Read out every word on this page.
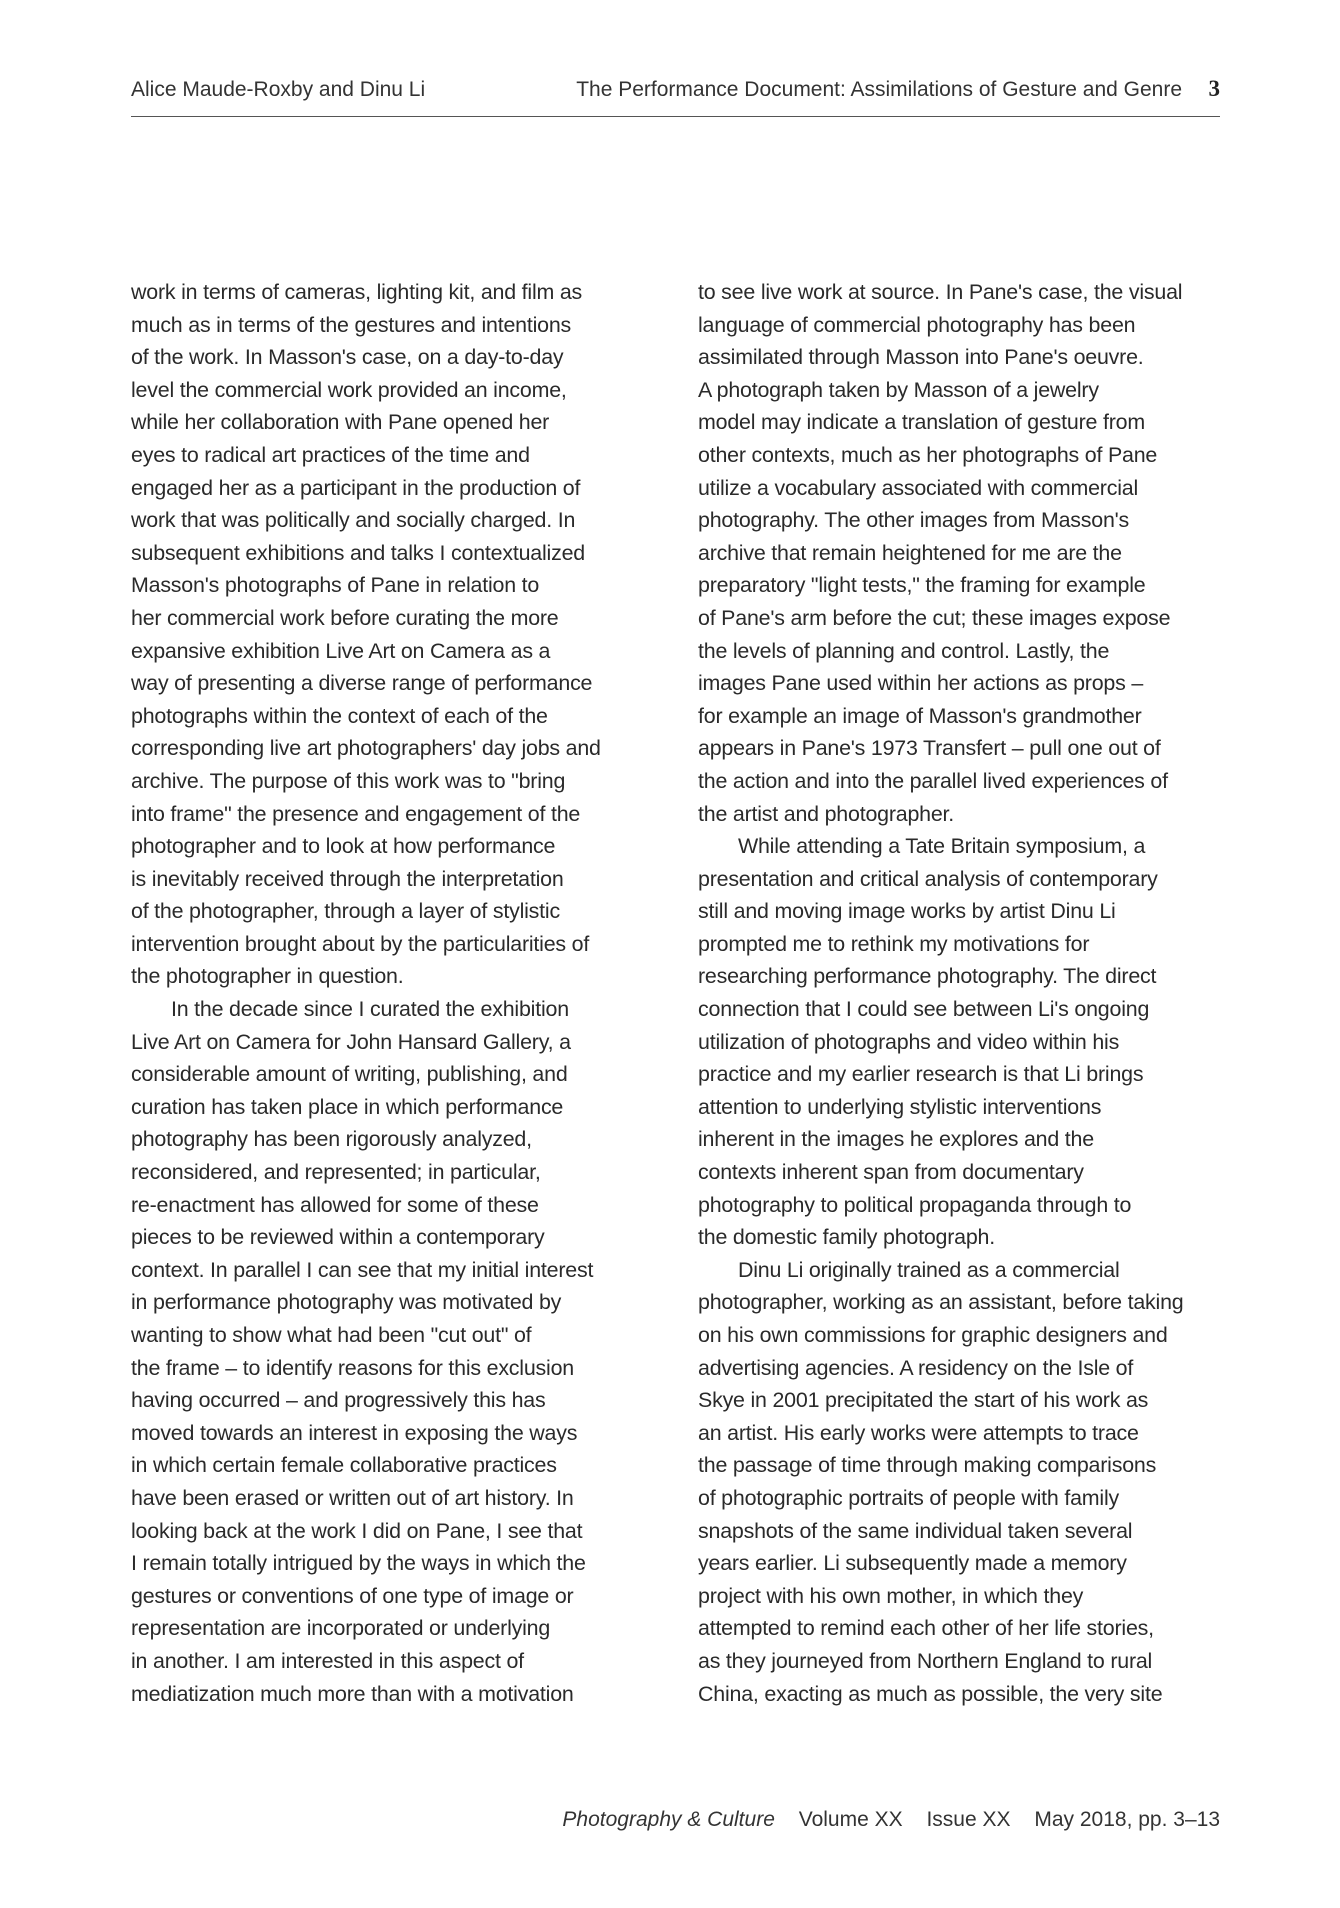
Alice Maude-Roxby and Dinu Li	The Performance Document: Assimilations of Gesture and Genre 3
work in terms of cameras, lighting kit, and film as
much as in terms of the gestures and intentions
of the work. In Masson's case, on a day-to-day
level the commercial work provided an income,
while her collaboration with Pane opened her
eyes to radical art practices of the time and
engaged her as a participant in the production of
work that was politically and socially charged. In
subsequent exhibitions and talks I contextualized
Masson's photographs of Pane in relation to
her commercial work before curating the more
expansive exhibition Live Art on Camera as a
way of presenting a diverse range of performance
photographs within the context of each of the
corresponding live art photographers' day jobs and
archive. The purpose of this work was to "bring
into frame" the presence and engagement of the
photographer and to look at how performance
is inevitably received through the interpretation
of the photographer, through a layer of stylistic
intervention brought about by the particularities of
the photographer in question.
In the decade since I curated the exhibition
Live Art on Camera for John Hansard Gallery, a
considerable amount of writing, publishing, and
curation has taken place in which performance
photography has been rigorously analyzed,
reconsidered, and represented; in particular,
re-enactment has allowed for some of these
pieces to be reviewed within a contemporary
context. In parallel I can see that my initial interest
in performance photography was motivated by
wanting to show what had been "cut out" of
the frame – to identify reasons for this exclusion
having occurred – and progressively this has
moved towards an interest in exposing the ways
in which certain female collaborative practices
have been erased or written out of art history. In
looking back at the work I did on Pane, I see that
I remain totally intrigued by the ways in which the
gestures or conventions of one type of image or
representation are incorporated or underlying
in another. I am interested in this aspect of
mediatization much more than with a motivation
to see live work at source. In Pane's case, the visual
language of commercial photography has been
assimilated through Masson into Pane's oeuvre.
A photograph taken by Masson of a jewelry
model may indicate a translation of gesture from
other contexts, much as her photographs of Pane
utilize a vocabulary associated with commercial
photography. The other images from Masson's
archive that remain heightened for me are the
preparatory "light tests," the framing for example
of Pane's arm before the cut; these images expose
the levels of planning and control. Lastly, the
images Pane used within her actions as props –
for example an image of Masson's grandmother
appears in Pane's 1973 Transfert – pull one out of
the action and into the parallel lived experiences of
the artist and photographer.
While attending a Tate Britain symposium, a
presentation and critical analysis of contemporary
still and moving image works by artist Dinu Li
prompted me to rethink my motivations for
researching performance photography. The direct
connection that I could see between Li's ongoing
utilization of photographs and video within his
practice and my earlier research is that Li brings
attention to underlying stylistic interventions
inherent in the images he explores and the
contexts inherent span from documentary
photography to political propaganda through to
the domestic family photograph.
Dinu Li originally trained as a commercial
photographer, working as an assistant, before taking
on his own commissions for graphic designers and
advertising agencies. A residency on the Isle of
Skye in 2001 precipitated the start of his work as
an artist. His early works were attempts to trace
the passage of time through making comparisons
of photographic portraits of people with family
snapshots of the same individual taken several
years earlier. Li subsequently made a memory
project with his own mother, in which they
attempted to remind each other of her life stories,
as they journeyed from Northern England to rural
China, exacting as much as possible, the very site
Photography & Culture Volume XX Issue XX May 2018, pp. 3–13
